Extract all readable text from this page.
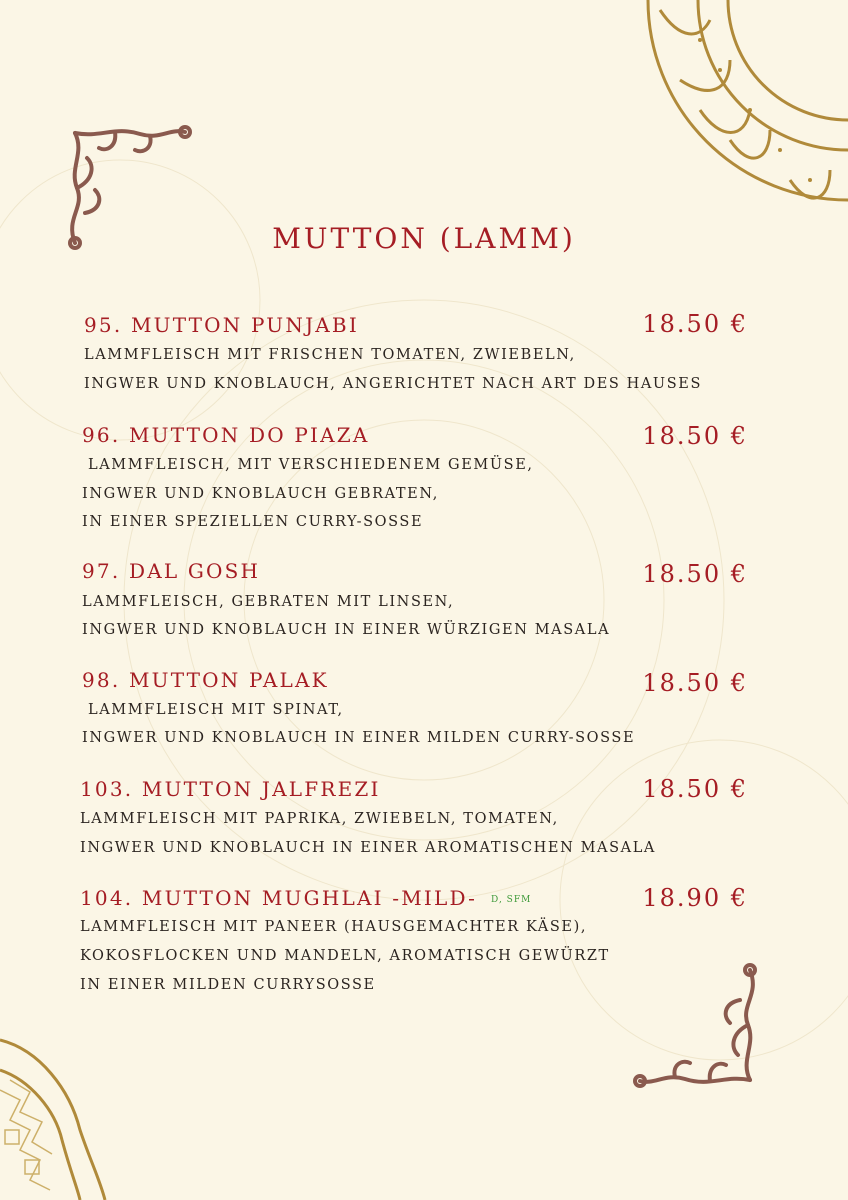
MUTTON (LAMM)
95. MUTTON PUNJABI	18.50 €
LAMMFLEISCH MIT FRISCHEN TOMATEN, ZWIEBELN,
INGWER UND KNOBLAUCH, ANGERICHTET NACH ART DES HAUSES
96. MUTTON DO PIAZA	18.50 €
LAMMFLEISCH, MIT VERSCHIEDENEM GEMÜSE,
INGWER UND KNOBLAUCH GEBRATEN,
IN EINER SPEZIELLEN CURRY-SOSSE
97. DAL GOSH	18.50 €
LAMMFLEISCH, GEBRATEN MIT LINSEN,
INGWER UND KNOBLAUCH IN EINER WÜRZIGEN MASALA
98. MUTTON PALAK	18.50 €
LAMMFLEISCH MIT SPINAT,
INGWER UND KNOBLAUCH IN EINER MILDEN CURRY-SOSSE
103. MUTTON JALFREZI	18.50 €
LAMMFLEISCH MIT PAPRIKA, ZWIEBELN, TOMATEN,
INGWER UND KNOBLAUCH IN EINER AROMATISCHEN MASALA
104. MUTTON MUGHLAI -MILD- D, SFM	18.90 €
LAMMFLEISCH MIT PANEER (HAUSGEMACHTER KÄSE),
KOKOSFLOCKEN UND MANDELN, AROMATISCH GEWÜRZT
IN EINER MILDEN CURRYSOSSE
